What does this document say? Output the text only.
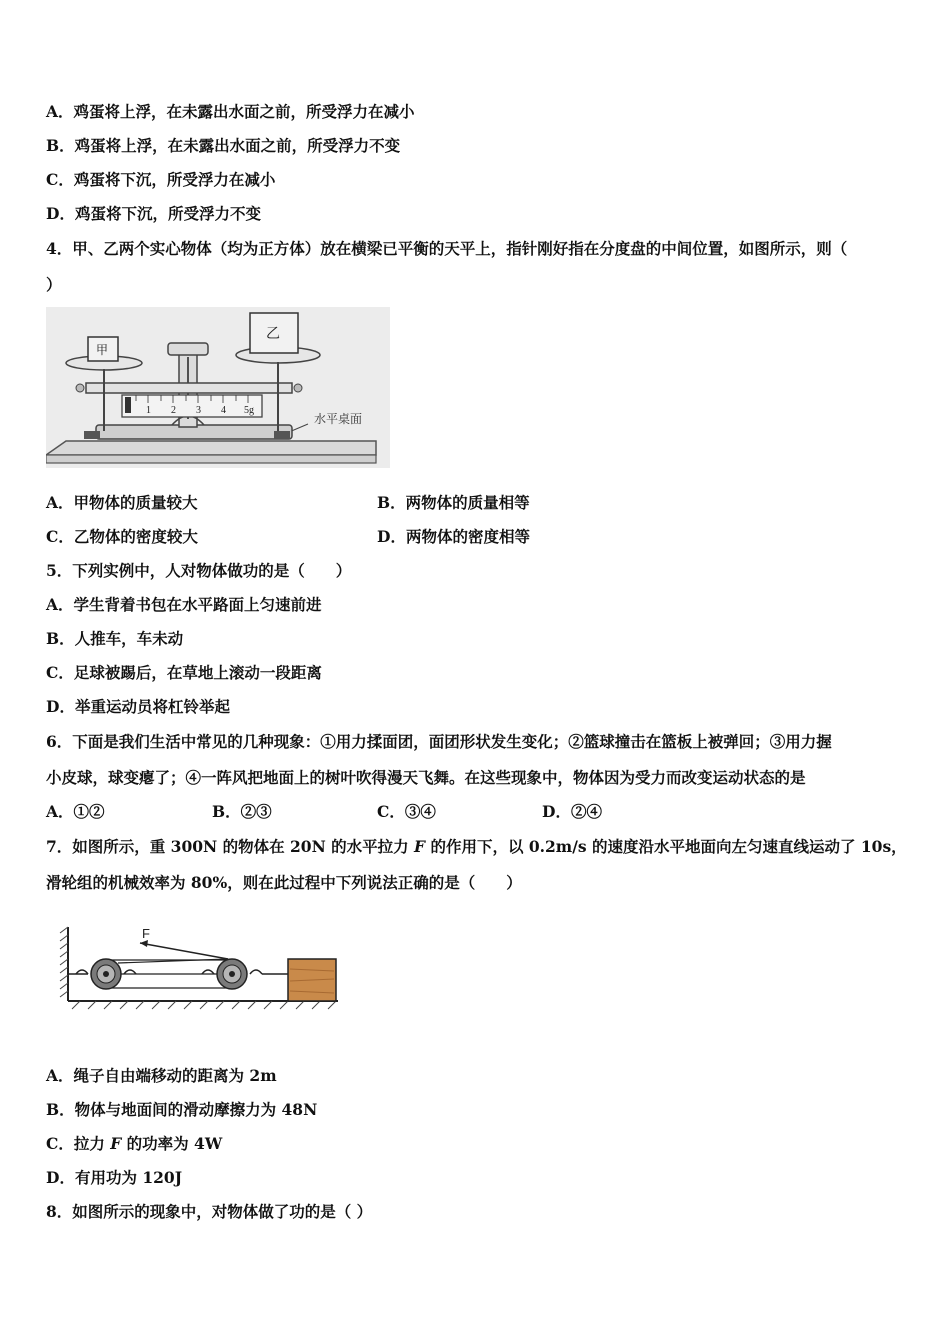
A．鸡蛋将上浮，在未露出水面之前，所受浮力在减小
B．鸡蛋将上浮，在未露出水面之前，所受浮力不变
C．鸡蛋将下沉，所受浮力在减小
D．鸡蛋将下沉，所受浮力不变
4．甲、乙两个实心物体（均为正方体）放在横梁已平衡的天平上，指针刚好指在分度盘的中间位置，如图所示，则（
）
水平桌面
1 2 3 4 5g
甲
乙
A．甲物体的质量较大	B．两物体的质量相等
C．乙物体的密度较大	D．两物体的密度相等
5．下列实例中，人对物体做功的是（　　）
A．学生背着书包在水平路面上匀速前进
B．人推车，车未动
C．足球被踢后，在草地上滚动一段距离
D．举重运动员将杠铃举起
6．下面是我们生活中常见的几种现象：①用力揉面团，面团形状发生变化；②篮球撞击在篮板上被弹回；③用力握
小皮球，球变瘪了；④一阵风把地面上的树叶吹得漫天飞舞。在这些现象中，物体因为受力而改变运动状态的是
A．①②	B．②③	C．③④	D．②④
7．如图所示，重 300N 的物体在 20N 的水平拉力 F 的作用下，以 0.2m/s 的速度沿水平地面向左匀速直线运动了 10s，
滑轮组的机械效率为 80%，则在此过程中下列说法正确的是（　　）
F
A．绳子自由端移动的距离为 2m
B．物体与地面间的滑动摩擦力为 48N
C．拉力 F 的功率为 4W
D．有用功为 120J
8．如图所示的现象中，对物体做了功的是（ ）
